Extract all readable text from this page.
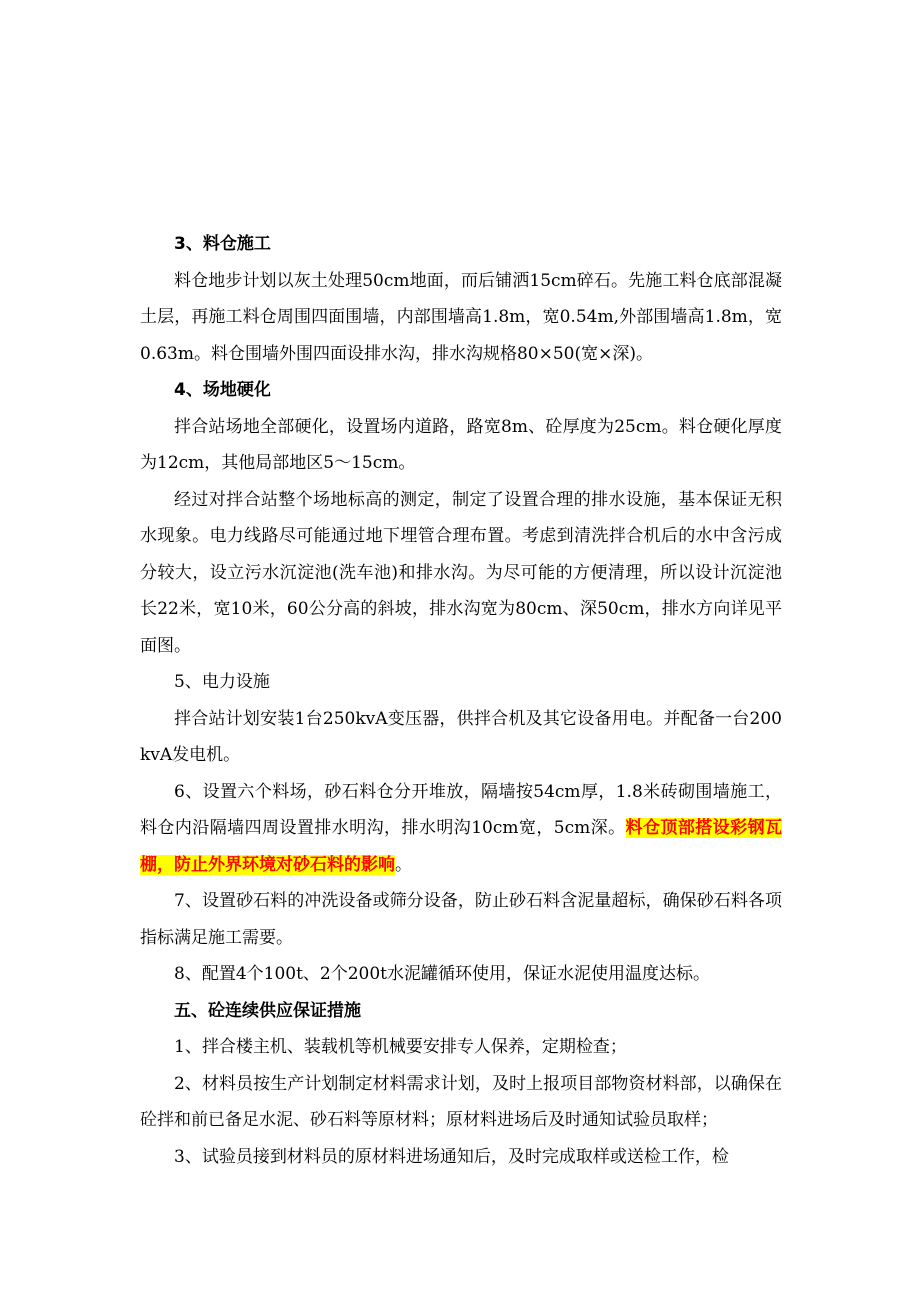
3、料仓施工

料仓地步计划以灰土处理50cm地面，而后铺洒15cm碎石。先施工料仓底部混凝土层，再施工料仓周围四面围墙，内部围墙高1.8m，宽0.54m,外部围墙高1.8m，宽0.63m。料仓围墙外围四面设排水沟，排水沟规格80×50(宽×深)。

4、场地硬化

拌合站场地全部硬化，设置场内道路，路宽8m、砼厚度为25cm。料仓硬化厚度为12cm，其他局部地区5～15cm。

经过对拌合站整个场地标高的测定，制定了设置合理的排水设施，基本保证无积水现象。电力线路尽可能通过地下埋管合理布置。考虑到清洗拌合机后的水中含污成分较大，设立污水沉淀池(洗车池)和排水沟。为尽可能的方便清理，所以设计沉淀池长22米，宽10米，60公分高的斜坡，排水沟宽为80cm、深50cm，排水方向详见平面图。

5、电力设施

拌合站计划安装1台250kvA变压器，供拌合机及其它设备用电。并配备一台200kvA发电机。

6、设置六个料场，砂石料仓分开堆放，隔墙按54cm厚，1.8米砖砌围墙施工，料仓内沿隔墙四周设置排水明沟，排水明沟10cm宽，5cm深。料仓顶部搭设彩钢瓦棚，防止外界环境对砂石料的影响。

7、设置砂石料的冲洗设备或筛分设备，防止砂石料含泥量超标，确保砂石料各项指标满足施工需要。

8、配置4个100t、2个200t水泥罐循环使用，保证水泥使用温度达标。

五、砼连续供应保证措施

1、拌合楼主机、装载机等机械要安排专人保养，定期检查；

2、材料员按生产计划制定材料需求计划，及时上报项目部物资材料部，以确保在砼拌和前已备足水泥、砂石料等原材料；原材料进场后及时通知试验员取样；

3、试验员接到材料员的原材料进场通知后，及时完成取样或送检工作，检
